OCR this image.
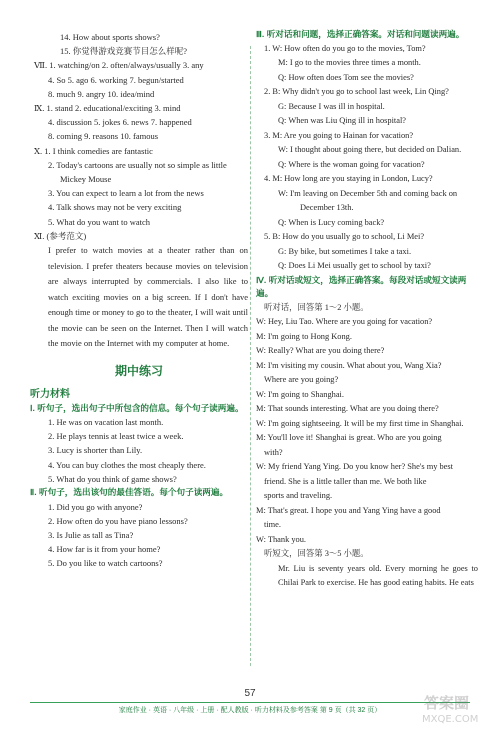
14. How about sports shows?
15. 你觉得游戏竞赛节目怎么样呢?
Ⅶ. 1. watching/on 2. often/always/usually 3. any
4. So 5. ago 6. working 7. begun/started
8. much 9. angry 10. idea/mind
Ⅸ. 1. stand 2. educational/exciting 3. mind
4. discussion 5. jokes 6. news 7. happened
8. coming 9. reasons 10. famous
Ⅹ. 1. I think comedies are fantastic
2. Today's cartoons are usually not so simple as little
Mickey Mouse
3. You can expect to learn a lot from the news
4. Talk shows may not be very exciting
5. What do you want to watch
Ⅺ. (参考范文)
I prefer to watch movies at a theater rather than on television. I prefer theaters because movies on television are always interrupted by commercials. I also like to watch exciting movies on a big screen. If I don't have enough time or money to go to the theater, I will wait until the movie can be seen on the Internet. Then I will watch the movie on the Internet with my computer at home.
期中练习
听力材料
Ⅰ. 听句子，选出句子中所包含的信息。每个句子读两遍。
1. He was on vacation last month.
2. He plays tennis at least twice a week.
3. Lucy is shorter than Lily.
4. You can buy clothes the most cheaply there.
5. What do you think of game shows?
Ⅱ. 听句子，选出该句的最佳答语。每个句子读两遍。
1. Did you go with anyone?
2. How often do you have piano lessons?
3. Is Julie as tall as Tina?
4. How far is it from your home?
5. Do you like to watch cartoons?
Ⅲ. 听对话和问题，选择正确答案。对话和问题读两遍。
1. W: How often do you go to the movies, Tom?
M: I go to the movies three times a month.
Q: How often does Tom see the movies?
2. B: Why didn't you go to school last week, Lin Qing?
G: Because I was ill in hospital.
Q: When was Liu Qing ill in hospital?
3. M: Are you going to Hainan for vacation?
W: I thought about going there, but decided on Dalian.
Q: Where is the woman going for vacation?
4. M: How long are you staying in London, Lucy?
W: I'm leaving on December 5th and coming back on
December 13th.
Q: When is Lucy coming back?
5. B: How do you usually go to school, Li Mei?
G: By bike, but sometimes I take a taxi.
Q: Does Li Mei usually get to school by taxi?
Ⅳ. 听对话或短文，选择正确答案。每段对话或短文读两遍。
听对话，回答第 1～2 小题。
W: Hey, Liu Tao. Where are you going for vacation?
M: I'm going to Hong Kong.
W: Really? What are you doing there?
M: I'm visiting my cousin. What about you, Wang Xia?
Where are you going?
W: I'm going to Shanghai.
M: That sounds interesting. What are you doing there?
W: I'm going sightseeing. It will be my first time in Shanghai.
M: You'll love it! Shanghai is great. Who are you going
with?
W: My friend Yang Ying. Do you know her? She's my best
friend. She is a little taller than me. We both like
sports and traveling.
M: That's great. I hope you and Yang Ying have a good
time.
W: Thank you.
听短文，回答第 3～5 小题。
Mr. Liu is seventy years old. Every morning he goes to Chilai Park to exercise. He has good eating habits. He eats
57
家庭作业 · 英语 · 八年级 · 上册 · 配人教版 · 听力材料及参考答案 第 9 页（共 32 页）	答案圈
MXQE.COM
